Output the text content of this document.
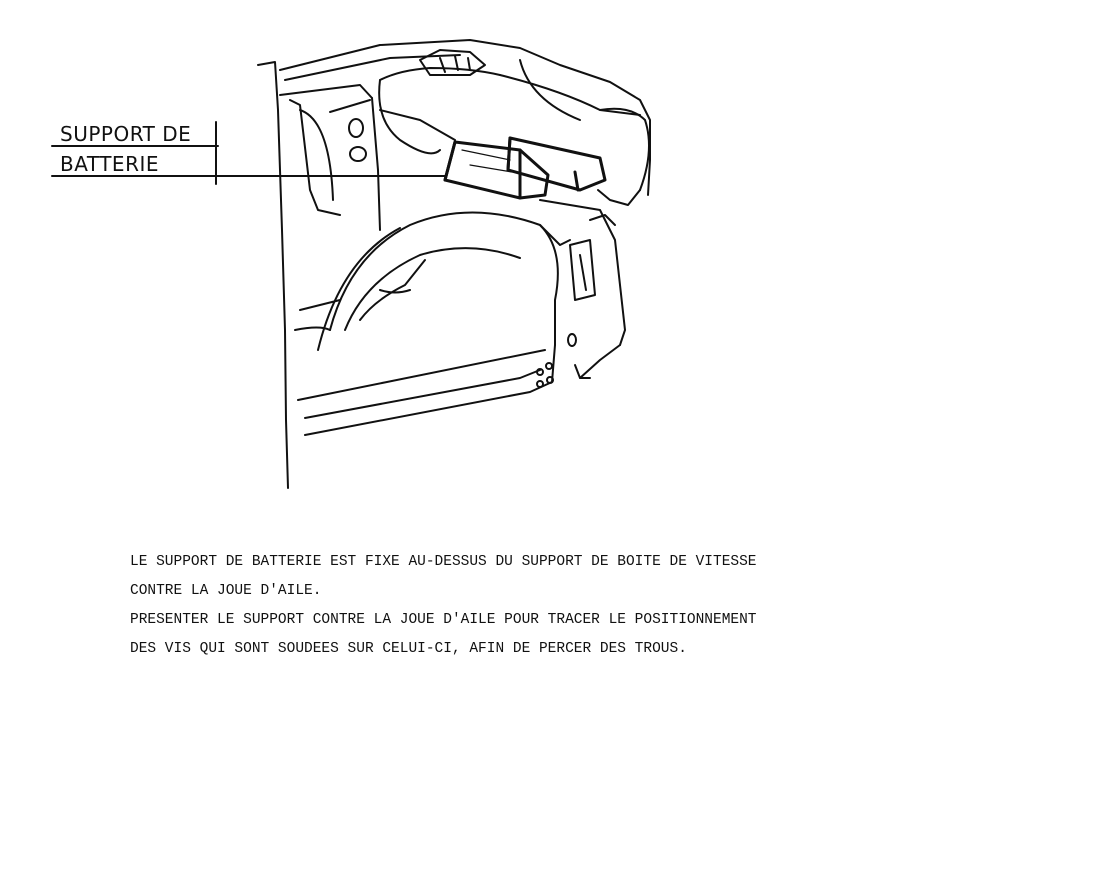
SUPPORT DE
BATTERIE

LE SUPPORT DE BATTERIE EST FIXE AU-DESSUS DU SUPPORT DE BOITE DE VITESSE

CONTRE LA JOUE D'AILE.

PRESENTER LE SUPPORT CONTRE LA JOUE D'AILE POUR TRACER LE POSITIONNEMENT

DES VIS QUI SONT SOUDEES SUR CELUI-CI, AFIN DE PERCER DES TROUS.
